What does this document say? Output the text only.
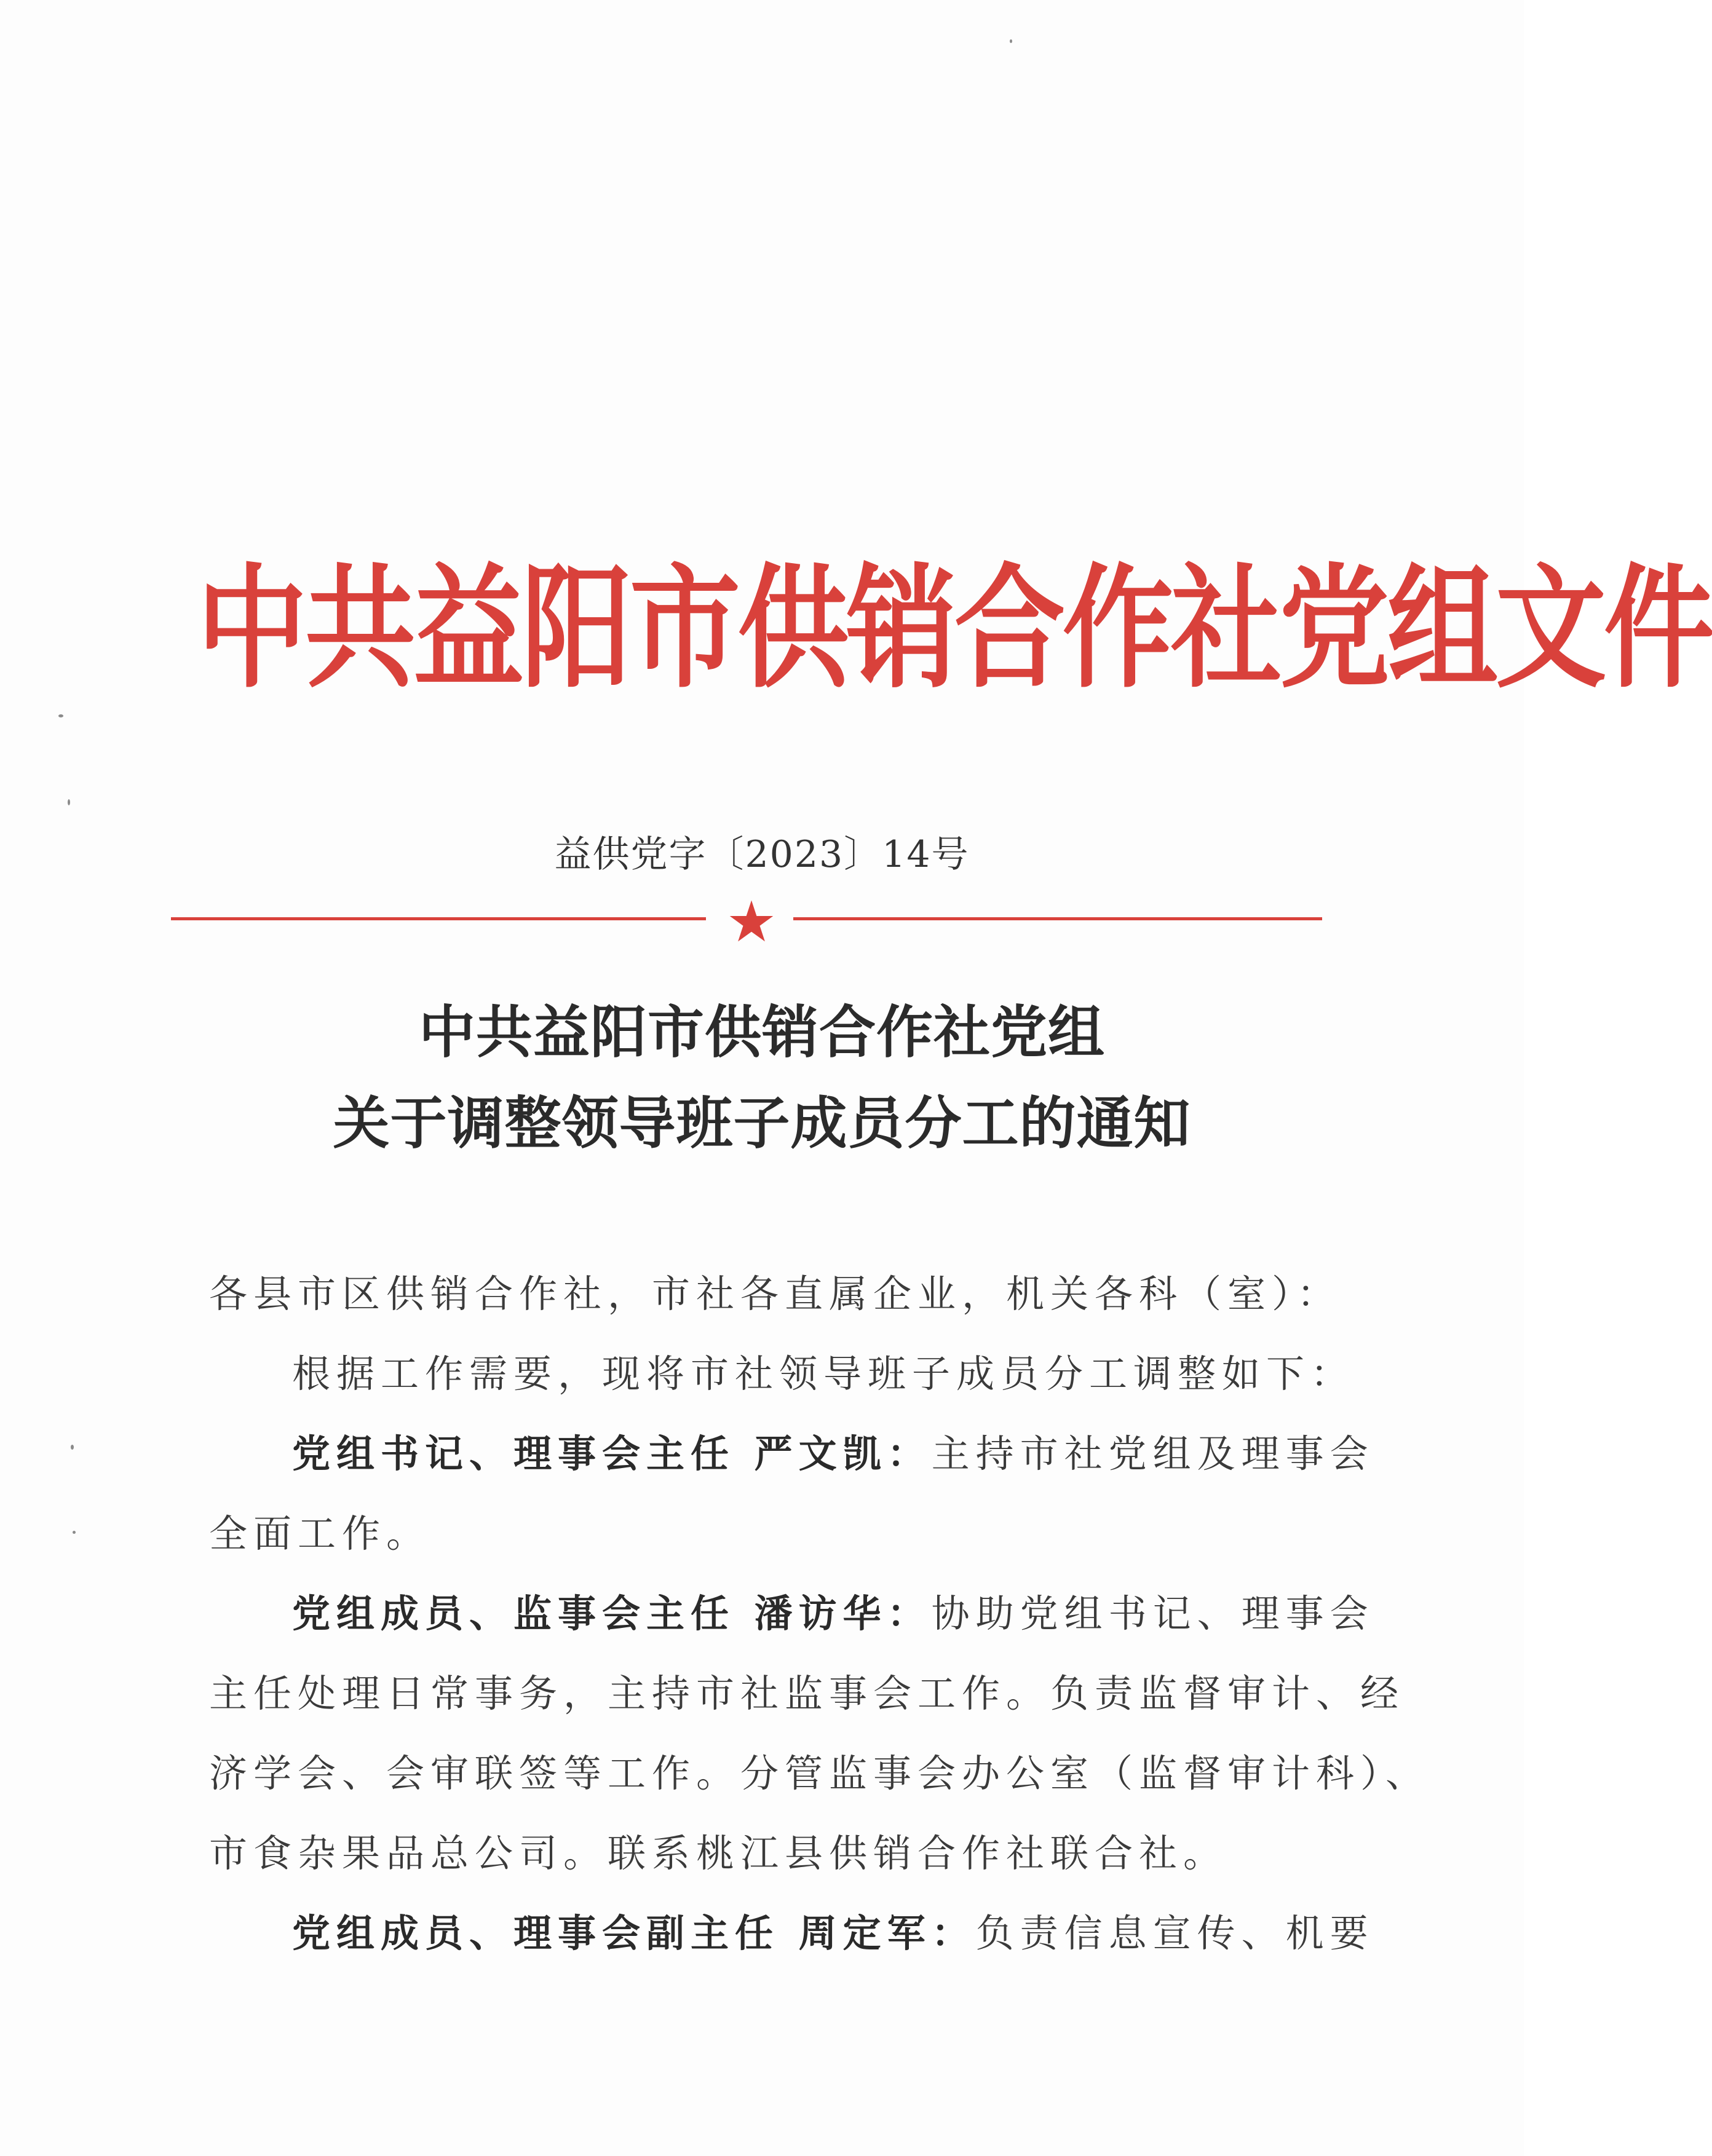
中共益阳市供销合作社党组文件
益供党字〔2023〕14号
★
中共益阳市供销合作社党组
关于调整领导班子成员分工的通知
各县市区供销合作社，市社各直属企业，机关各科（室）：
根据工作需要，现将市社领导班子成员分工调整如下：
党组书记、理事会主任 严文凯：主持市社党组及理事会
全面工作。
党组成员、监事会主任 潘访华：协助党组书记、理事会
主任处理日常事务，主持市社监事会工作。负责监督审计、经
济学会、会审联签等工作。分管监事会办公室（监督审计科）、
市食杂果品总公司。联系桃江县供销合作社联合社。
党组成员、理事会副主任 周定军：负责信息宣传、机要
